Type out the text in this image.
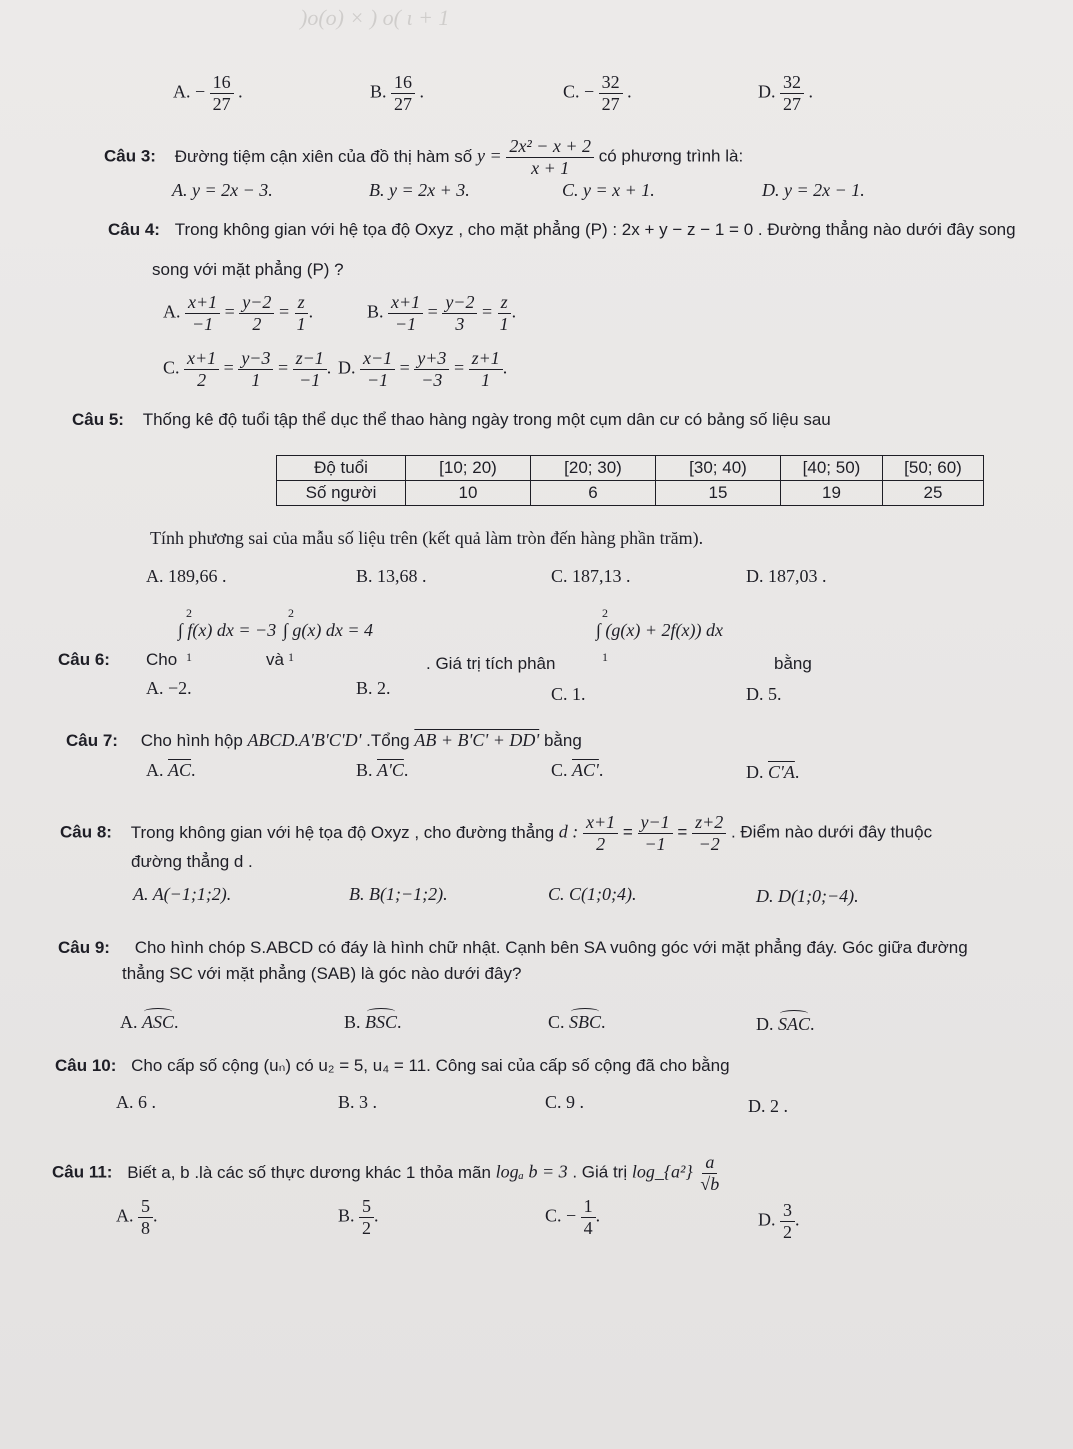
)ο(ο) × ) ο( ι + 1
A. − $\frac{16}{27}$ .	B. $\frac{16}{27}$ .	C. − $\frac{32}{27}$ .	D. $\frac{32}{27}$ .
Câu 3: Đường tiệm cận xiên của đồ thị hàm số $y = \frac{\text{2x² − x + 2}}{x + 1}$ có phương trình là:
A. y = 2x − 3.	B. y = 2x + 3.	C. y = x + 1.	D. y = 2x − 1.
Câu 4: Trong không gian với hệ tọa độ Oxyz , cho mặt phẳng (P) : 2x + y − z − 1 = 0 . Đường thẳng nào dưới đây song
song với mặt phẳng (P) ?
A. $\frac{x+1}{-1} = \frac{y-2}{2} = \frac{z}{1}$ .	B. $\frac{x+1}{-1} = \frac{y-2}{3} = \frac{z}{1}$ .
C. $\frac{x+1}{2} = \frac{y-3}{1} = \frac{z-1}{-1}$ . D. $\frac{x-1}{-1} = \frac{y+3}{-3} = \frac{z+1}{1}$ .
Câu 5: Thống kê độ tuổi tập thể dục thể thao hàng ngày trong một cụm dân cư có bảng số liệu sau
Độ tuổi	[10; 20)	[20; 30)	[30; 40)	[40; 50)	[50; 60)
Số người	10	6	15	19	25
Tính phương sai của mẫu số liệu trên (kết quả làm tròn đến hàng phần trăm).
A. 189,66 .	B. 13,68 .	C. 187,13 .	D. 187,03 .
Câu 6: Cho
2
1
∫ f(x) dx = −3
và
2
1
∫ g(x) dx = 4
. Giá trị tích phân
2
1
∫ (g(x) + 2f(x)) dx
bằng
A. −2.	B. 2.	C. 1.	D. 5.
Câu 7: Cho hình hộp ABCD.A'B'C'D' .Tổng AB + B'C' + DD' bằng
A. $\overline{AC}$.	B. A'C.	C. AC'.	D. C'A.
Câu 8: Trong không gian với hệ tọa độ Oxyz , cho đường thẳng d : $\frac{x+1}{2} = \frac{y-1}{-1} = \frac{z+2}{-2}$ . Điểm nào dưới đây thuộc
đường thẳng d .
A. A(−1;1;2).	B. B(1;−1;2).	C. C(1;0;4).	D. D(1;0;−4).
Câu 9: Cho hình chóp S.ABCD có đáy là hình chữ nhật. Cạnh bên SA vuông góc với mặt phẳng đáy. Góc giữa đường
thẳng SC với mặt phẳng (SAB) là góc nào dưới đây?
A. ASC.	B. BSC.	C. SBC.	D. SAC.
Câu 10: Cho cấp số cộng (uₙ) có u₂ = 5, u₄ = 11. Công sai của cấp số cộng đã cho bằng
A. 6 .	B. 3 .	C. 9 .	D. 2 .
Câu 11: Biết a, b .là các số thực dương khác 1 thỏa mãn logₐ b = 3 . Giá trị log_{a²} $\frac{a}{√b}$
A. $\frac{5}{8}$ .	B. $\frac{5}{2}$ .	C. − $\frac{1}{4}$ .	D. $\frac{3}{2}$ .
